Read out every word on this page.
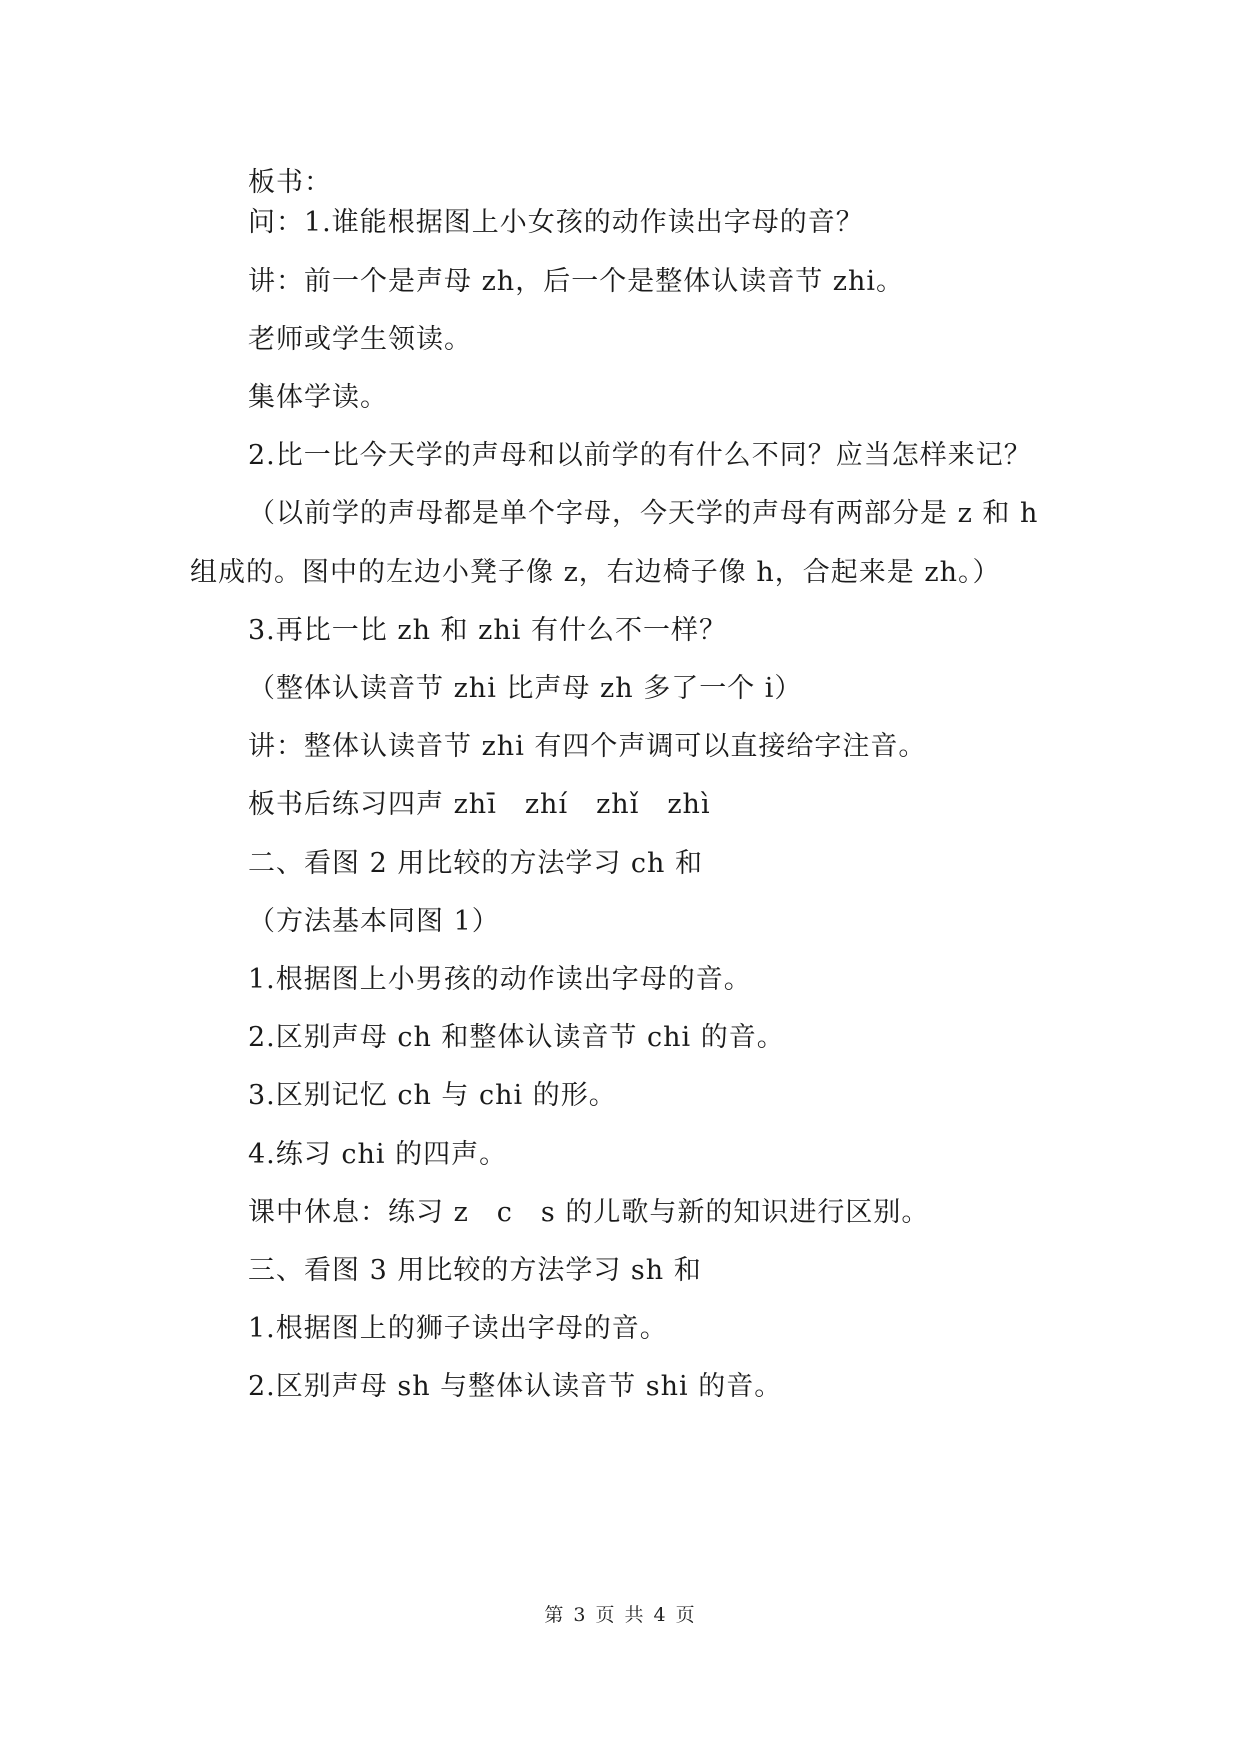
板书：
问：1.谁能根据图上小女孩的动作读出字母的音？
讲：前一个是声母 zh，后一个是整体认读音节 zhi。
老师或学生领读。
集体学读。
2.比一比今天学的声母和以前学的有什么不同？应当怎样来记？
（以前学的声母都是单个字母，今天学的声母有两部分是 z 和 h
组成的。图中的左边小凳子像 z，右边椅子像 h，合起来是 zh。）
3.再比一比 zh 和 zhi 有什么不一样？
（整体认读音节 zhi 比声母 zh 多了一个 i）
讲：整体认读音节 zhi 有四个声调可以直接给字注音。
板书后练习四声 zhī　zhí　zhǐ　zhì
二、看图 2 用比较的方法学习 ch 和
（方法基本同图 1）
1.根据图上小男孩的动作读出字母的音。
2.区别声母 ch 和整体认读音节 chi 的音。
3.区别记忆 ch 与 chi 的形。
4.练习 chi 的四声。
课中休息：练习 z　c　s 的儿歌与新的知识进行区别。
三、看图 3 用比较的方法学习 sh 和
1.根据图上的狮子读出字母的音。
2.区别声母 sh 与整体认读音节 shi 的音。
第 3 页 共 4 页
